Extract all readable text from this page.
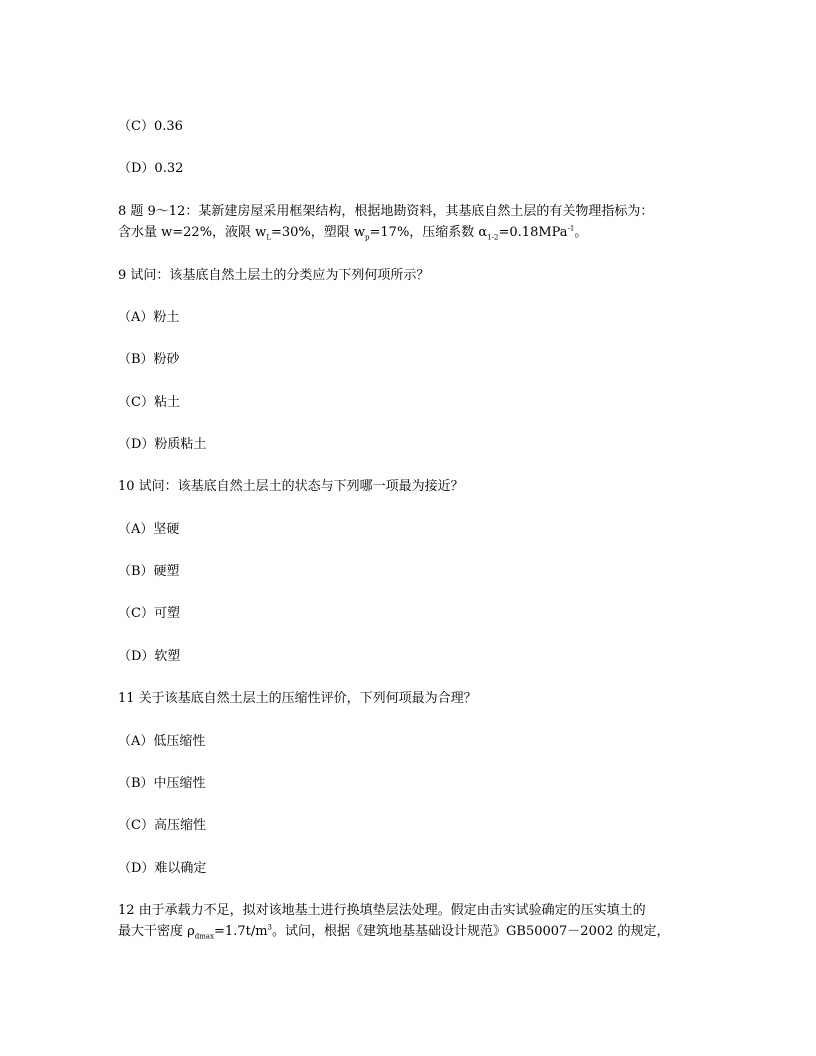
（C）0.36
（D）0.32
8 题 9～12：某新建房屋采用框架结构，根据地勘资料，其基底自然土层的有关物理指标为：
含水量 w=22%，液限 $w_L=30\%$，塑限 $w_p=17\%$，压缩系数 $\alpha_{1-2}=0.18MPa^{-1}$。
9 试问：该基底自然土层土的分类应为下列何项所示？
（A）粉土
（B）粉砂
（C）粘土
（D）粉质粘土
10 试问：该基底自然土层土的状态与下列哪一项最为接近？
（A）坚硬
（B）硬塑
（C）可塑
（D）软塑
11 关于该基底自然土层土的压缩性评价，下列何项最为合理？
（A）低压缩性
（B）中压缩性
（C）高压缩性
（D）难以确定
12 由于承载力不足，拟对该地基土进行换填垫层法处理。假定由击实试验确定的压实填土的
最大干密度 $\rho_{dmax}=1.7t/m^3$。试问，根据《建筑地基基础设计规范》GB50007－2002 的规定，
